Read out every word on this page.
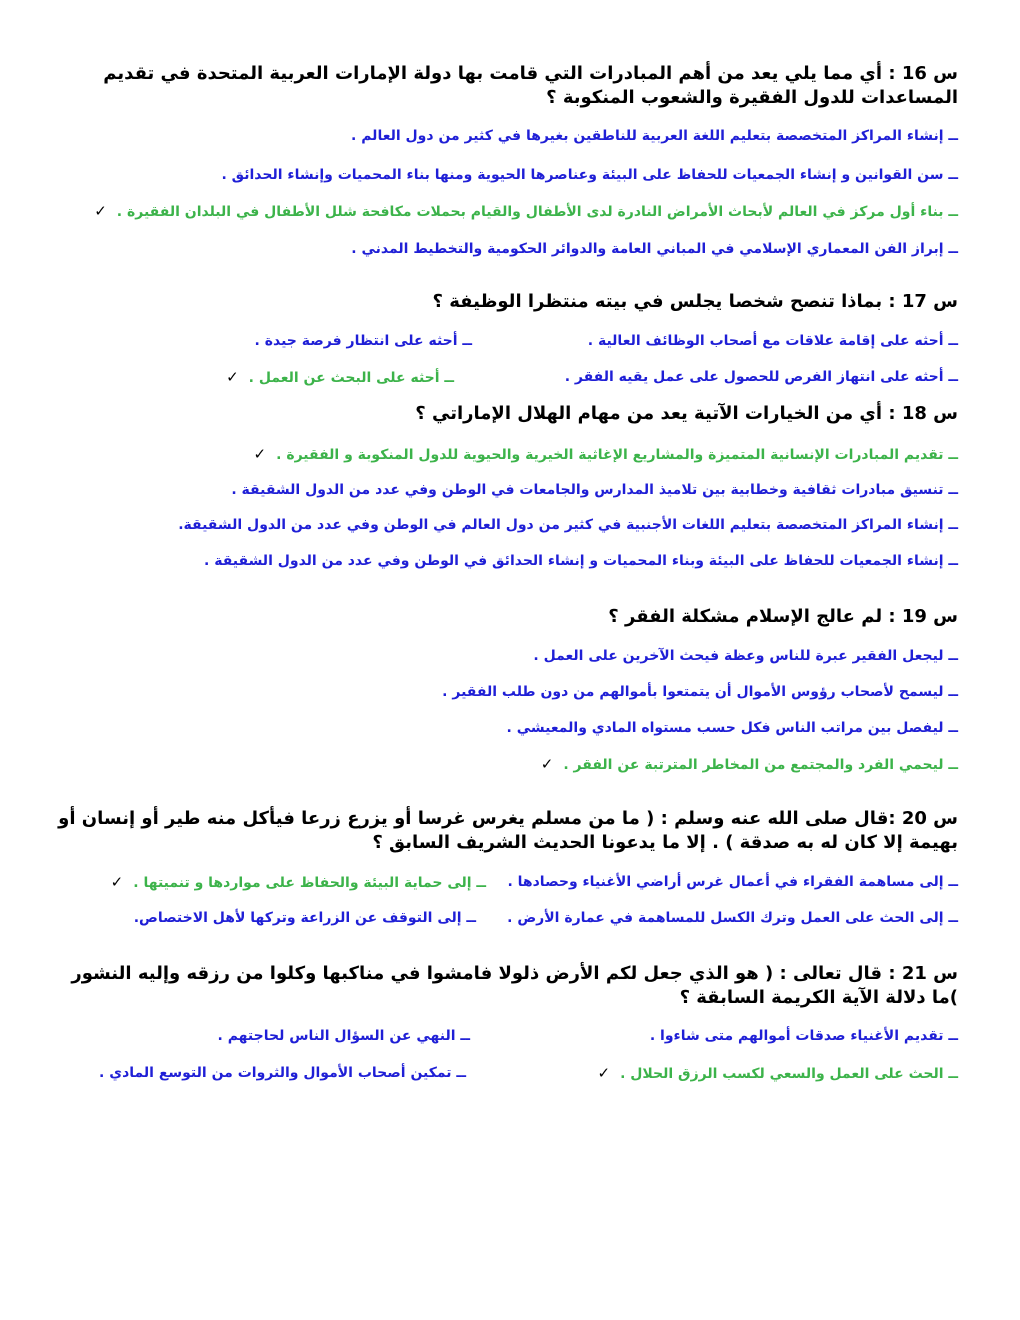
س 16 : أي مما يلي يعد من أهم المبادرات التي قامت بها دولة الإمارات العربية المتحدة في تقديم المساعدات للدول الفقيرة والشعوب المنكوبة ؟
ــ إنشاء المراكز المتخصصة بتعليم اللغة العربية للناطقين بغيرها في كثير من دول العالم .
ــ سن القوانين و إنشاء الجمعيات للحفاظ على البيئة وعناصرها الحيوية ومنها بناء المحميات وإنشاء الحدائق .
ــ بناء أول مركز في العالم لأبحاث الأمراض النادرة لدى الأطفال والقيام بحملات مكافحة شلل الأطفال في البلدان الفقيرة .✓
ــ إبراز الفن المعماري الإسلامي في المباني العامة والدوائر الحكومية والتخطيط المدني .
س 17 : بماذا تنصح شخصا يجلس في بيته منتظرا الوظيفة ؟
ــ أحثه على إقامة علاقات مع أصحاب الوظائف العالية .
ــ أحثه على انتظار فرصة جيدة .
ــ أحثه على انتهاز الفرص للحصول على عمل يقيه الفقر .
ــ أحثه على البحث عن العمل .✓
س 18 : أي من الخيارات الآتية يعد من مهام الهلال الإماراتي ؟
ــ تقديم المبادرات الإنسانية المتميزة والمشاريع الإغاثية الخيرية والحيوية للدول المنكوبة و الفقيرة .✓
ــ تنسيق مبادرات ثقافية وخطابية بين تلاميذ المدارس والجامعات في الوطن وفي عدد من الدول الشقيقة .
ــ إنشاء المراكز المتخصصة بتعليم اللغات الأجنبية في كثير من دول العالم في الوطن وفي عدد من الدول الشقيقة.
ــ إنشاء الجمعيات للحفاظ على البيئة وبناء المحميات و إنشاء الحدائق في الوطن وفي عدد من الدول الشقيقة .
س 19 : لم عالج الإسلام مشكلة الفقر ؟
ــ ليجعل الفقير عبرة للناس وعظة فيحث الآخرين على العمل .
ــ ليسمح لأصحاب رؤوس الأموال أن يتمتعوا بأموالهم من دون طلب الفقير .
ــ ليفصل بين مراتب الناس فكل حسب مستواه المادي والمعيشي .
ــ ليحمي الفرد والمجتمع من المخاطر المترتبة عن الفقر .✓
س 20 :قال صلى الله عنه وسلم : ( ما من مسلم يغرس غرسا أو يزرع زرعا فيأكل منه طير أو إنسان أو بهيمة إلا كان له به صدقة ) . إلا ما يدعونا الحديث الشريف السابق ؟
ــ إلى مساهمة الفقراء في أعمال غرس أراضي الأغنياء وحصادها .
ــ إلى حماية البيئة والحفاظ على مواردها و تنميتها .✓
ــ إلى الحث على العمل وترك الكسل للمساهمة في عمارة الأرض .
ــ إلى التوقف عن الزراعة وتركها لأهل الاختصاص.
س 21 : قال تعالى : ( هو الذي جعل لكم الأرض ذلولا فامشوا في مناكبها وكلوا من رزقه وإليه النشور )ما دلالة الآية الكريمة السابقة ؟
ــ تقديم الأغنياء صدقات أموالهم متى شاءوا .
ــ النهي عن السؤال الناس لحاجتهم .
ــ الحث على العمل والسعي لكسب الرزق الحلال .✓
ــ تمكين أصحاب الأموال والثروات من التوسع المادي .
